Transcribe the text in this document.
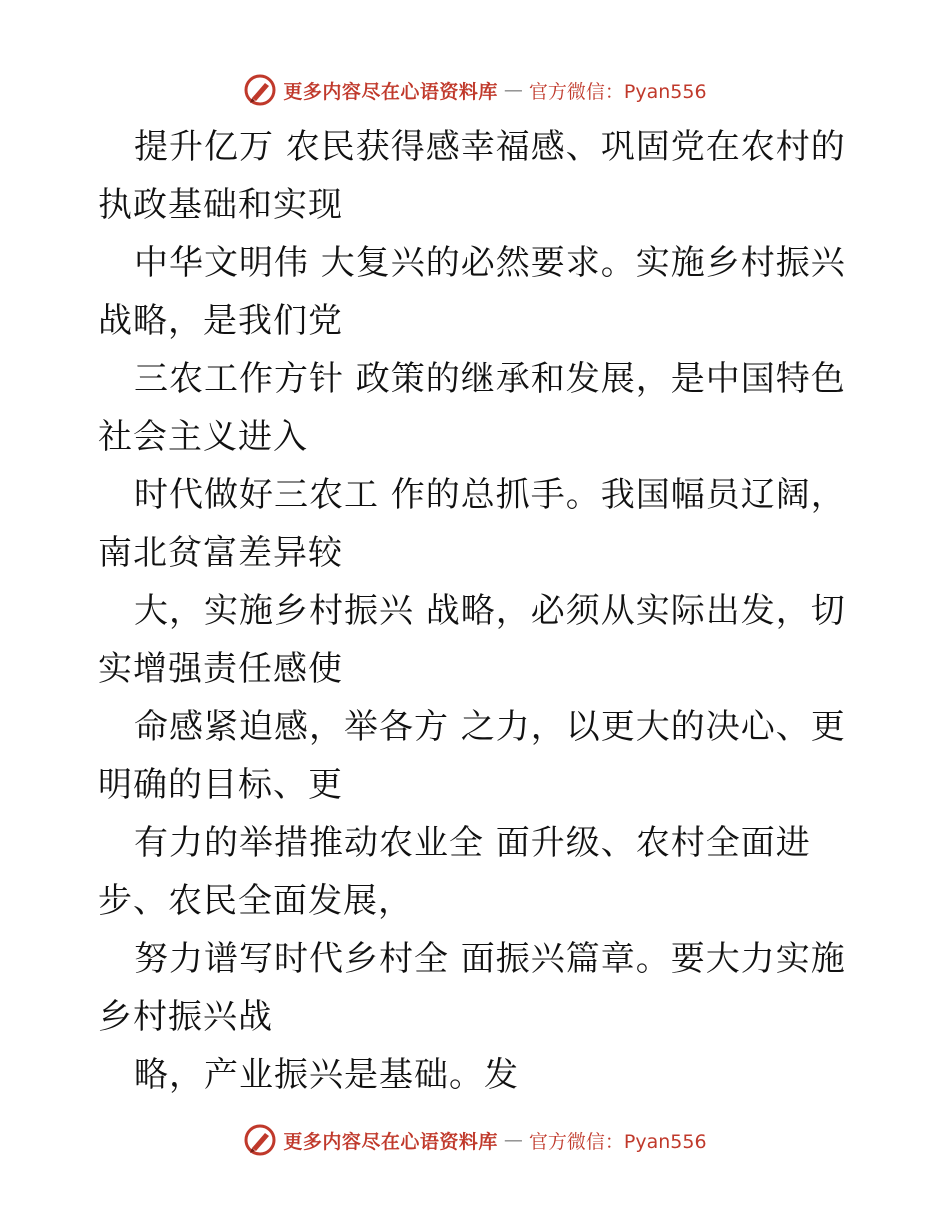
更多内容尽在心语资料库 — 官方微信：Pyan556
提升亿万 农民获得感幸福感、巩固党在农村的
执政基础和实现
中华文明伟 大复兴的必然要求。实施乡村振兴
战略，是我们党
三农工作方针 政策的继承和发展，是中国特色
社会主义进入
时代做好三农工 作的总抓手。我国幅员辽阔，
南北贫富差异较
大，实施乡村振兴 战略，必须从实际出发，切
实增强责任感使
命感紧迫感，举各方 之力，以更大的决心、更
明确的目标、更
有力的举措推动农业全 面升级、农村全面进
步、农民全面发展，
努力谱写时代乡村全 面振兴篇章。要大力实施
乡村振兴战
略，产业振兴是基础。发
更多内容尽在心语资料库 — 官方微信：Pyan556
